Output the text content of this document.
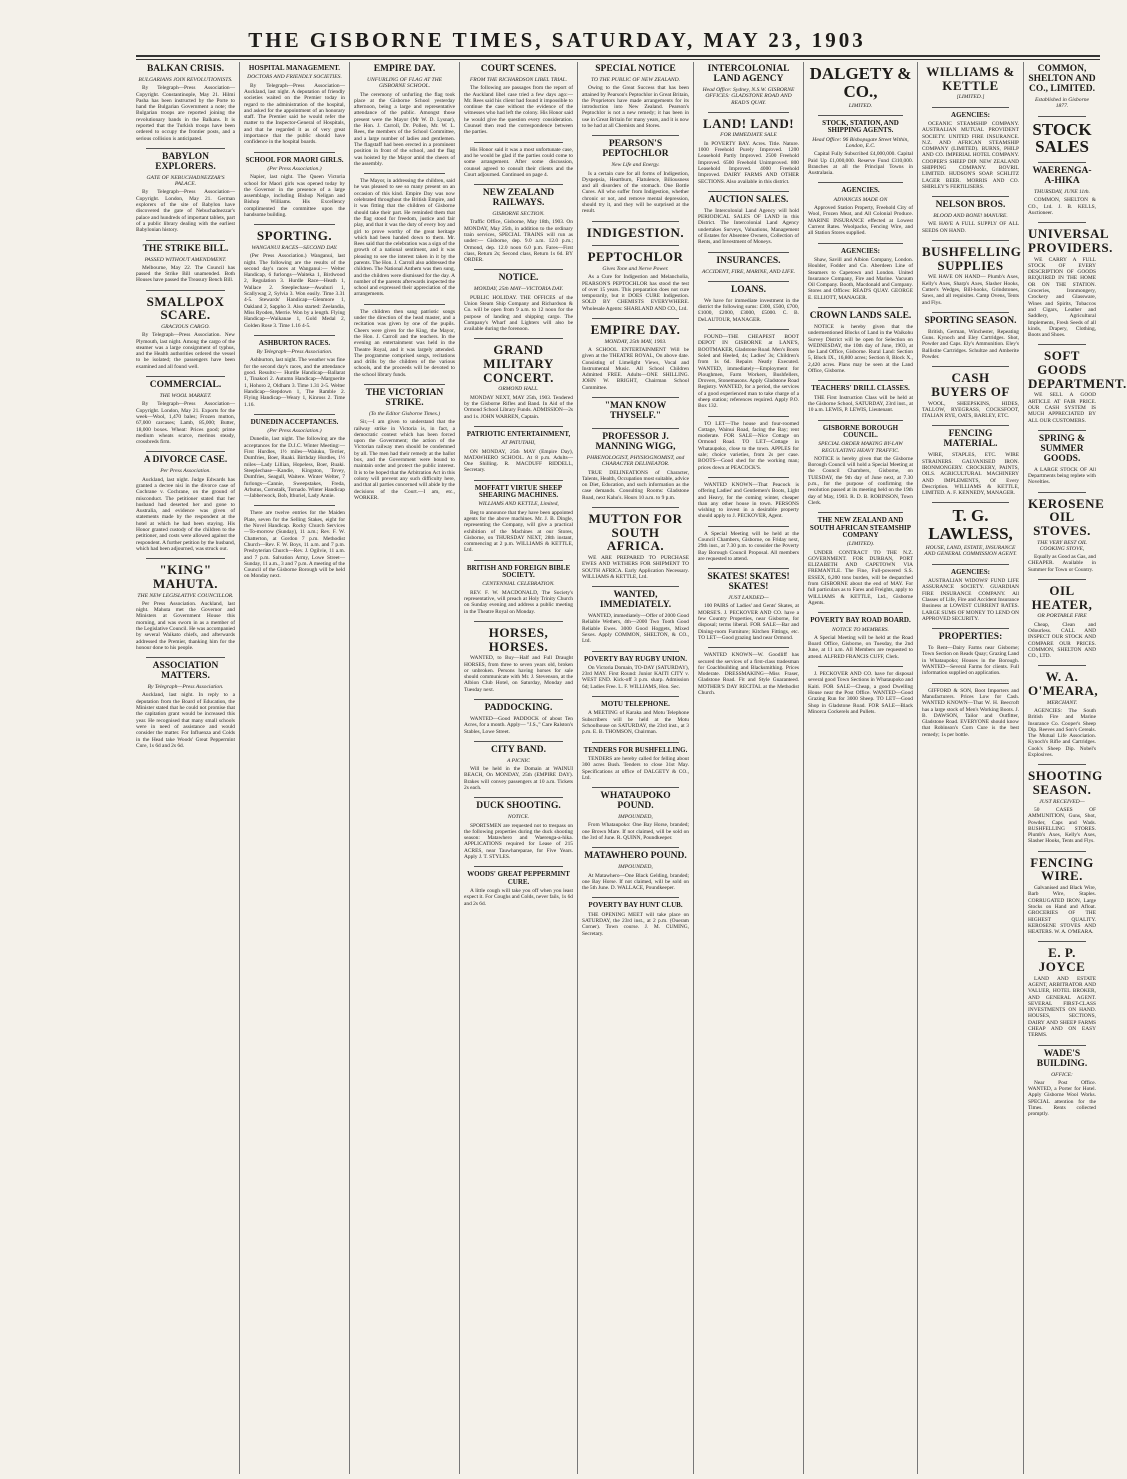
THE GISBORNE TIMES, SATURDAY, MAY 23, 1903
BALKAN CRISIS.
BULGARIANS JOIN REVOLUTIONISTS.
By Telegraph—Press Association—Copyright. Constantinople, May 21. Hilmi Pasha has been instructed by the Porte to hand the Bulgarian Government a note; the Bulgarian troops are reported joining the revolutionary bands in the Balkans. It is reported that the Turkish troops have been ordered to occupy the frontier posts, and a serious collision is anticipated.
BABYLON EXPLORERS.
GATE OF NEBUCHADNEZZAR'S PALACE.
By Telegraph—Press Association—Copyright. London, May 21. German explorers of the site of Babylon have discovered the gate of Nebuchadnezzar's palace and hundreds of important tablets, part of a public library dealing with the earliest Babylonian history.
THE STRIKE BILL.
PASSED WITHOUT AMENDMENT.
Melbourne, May 22. The Council has passed the Strike Bill unamended. Both Houses have passed the Treasury Bench Bill.
SMALLPOX SCARE.
GRACIOUS CARGO.
By Telegraph—Press Association. New Plymouth, last night. Among the cargo of the steamer was a large consignment of typhus, and the Health authorities ordered the vessel to be isolated; the passengers have been examined and all found well.
COMMERCIAL.
THE WOOL MARKET.
By Telegraph—Press Association—Copyright. London, May 21. Exports for the week—Wool, 1,470 bales; Frozen mutton, 67,000 carcases; Lamb, 85,000; Butter, 18,000 boxes. Wheat: Prices good; prime medium wheats scarce, merinos steady, crossbreds firm.
A DIVORCE CASE.
Per Press Association.
Auckland, last night. Judge Edwards has granted a decree nisi in the divorce case of Cochrane v. Cochrane, on the ground of misconduct. The petitioner stated that her husband had deserted her and gone to Australia, and evidence was given of statements made by the respondent at the hotel at which he had been staying. His Honor granted custody of the children to the petitioner, and costs were allowed against the respondent. A further petition by the husband, which had been adjourned, was struck out.
"KING" MAHUTA.
THE NEW LEGISLATIVE COUNCILLOR.
Per Press Association. Auckland, last night. Mahuta met the Governor and Ministers at Government House this morning, and was sworn in as a member of the Legislative Council. He was accompanied by several Waikato chiefs, and afterwards addressed the Premier, thanking him for the honour done to his people.
ASSOCIATION MATTERS.
By Telegraph—Press Association.
Auckland, last night. In reply to a deputation from the Board of Education, the Minister stated that he could not promise that the capitation grant would be increased this year. He recognised that many small schools were in need of assistance and would consider the matter. For Influenza and Colds in the Head take Woods' Great Peppermint Cure, 1s 6d and 2s 6d.
HOSPITAL MANAGEMENT.
DOCTORS AND FRIENDLY SOCIETIES.
By Telegraph—Press Association—Auckland, last night. A deputation of friendly societies waited on the Premier today in regard to the administration of the hospital, and asked for the appointment of an honorary staff. The Premier said he would refer the matter to the Inspector-General of Hospitals, and that he regarded it as of very great importance that the public should have confidence in the hospital boards.
SCHOOL FOR MAORI GIRLS.
(Per Press Association.)
Napier, last night. The Queen Victoria school for Maori girls was opened today by the Governor in the presence of a large assemblage, including Bishop Neligan and Bishop Williams. His Excellency complimented the committee upon the handsome building.
SPORTING.
WANGANUI RACES—SECOND DAY.
(Per Press Association.) Wanganui, last night. The following are the results of the second day's races at Wanganui:— Welter Handicap, 6 furlongs—Waiteka 1, Birdwood 2, Regulation 3. Hurdle Race—Heath 1, Wallace 2. Steeplechase—Awahuri 1, Scallywag 2, Sylvia 3. Won easily. Time 3.31 4-5. Stewards' Handicap—Glenmore 1, Oakland 2, Sappho 3. Also started: Zeelandia, Miss Ryoden, Merrie. Won by a length. Flying Handicap—Waikanae 1, Gold Medal 2, Golden Rose 3. Time 1.16 4-5.
ASHBURTON RACES.
By Telegraph—Press Association.
Ashburton, last night. The weather was fine for the second day's races, and the attendance good. Results:— Hurdle Handicap—Ballarat 1, Tinakori 2. Autumn Handicap—Marguerite 1, Hohoro 2, Oldham 3. Time 1.31 2-5. Welter Handicap—Stepdown 1, The Ramble 2. Flying Handicap—Weary 1, Kinross 2. Time 1.16.
DUNEDIN ACCEPTANCES.
(Per Press Association.)
Dunedin, last night. The following are the acceptances for the D.J.C. Winter Meeting:— First Hurdles, 1½ miles—Waiuku, Terrier, Dumfries, Boer, Ruaki. Birthday Hurdles, 1½ miles—Lady Lillian, Hopeless, Boer, Ruaki. Steeplechase—Kandie, Kingston, Tovey, Dumfries, Seagull, Waitere. Winter Welter, 7 furlongs—Cannie, Sweepstakes, Freda, Arbutus, Cornstalk, Tornado. Winter Handicap—Jabberwock, Bob, Ithuriel, Lady Annie.
There are twelve entries for the Maiden Plate, seven for the Selling Stakes, eight for the Novel Handicap. Rocky Church Services—To-morrow (Sunday), 11 a.m.; Rev. F. W. Chatterton, at Gordon 7 p.m. Methodist Church—Rev. F. W. Boys, 11 a.m. and 7 p.m. Presbyterian Church—Rev. J. Ogilvie, 11 a.m. and 7 p.m. Salvation Army, Lowe Street—Sunday, 11 a.m., 3 and 7 p.m. A meeting of the Council of the Gisborne Borough will be held on Monday next.
EMPIRE DAY.
UNFURLING OF FLAG AT THE GISBORNE SCHOOL.
The ceremony of unfurling the flag took place at the Gisborne School yesterday afternoon, being a large and representative attendance of the public. Amongst those present were the Mayor (Mr W. D. Lysnar), the Hon. J. Carroll, Dr. Pollen, Mr. W. L. Rees, the members of the School Committee, and a large number of ladies and gentlemen. The flagstaff had been erected in a prominent position in front of the school, and the flag was hoisted by the Mayor amid the cheers of the assembly.
The Mayor, in addressing the children, said he was pleased to see so many present on an occasion of this kind. Empire Day was now celebrated throughout the British Empire, and it was fitting that the children of Gisborne should take their part. He reminded them that the flag stood for freedom, justice and fair play, and that it was the duty of every boy and girl to prove worthy of the great heritage which had been handed down to them. Mr. Rees said that the celebration was a sign of the growth of a national sentiment, and it was pleasing to see the interest taken in it by the parents. The Hon. J. Carroll also addressed the children. The National Anthem was then sung, and the children were dismissed for the day. A number of the parents afterwards inspected the school and expressed their appreciation of the arrangements.
The children then sang patriotic songs under the direction of the head master, and a recitation was given by one of the pupils. Cheers were given for the King, the Mayor, the Hon. J. Carroll and the teachers. In the evening an entertainment was held in the Theatre Royal, and it was largely attended. The programme comprised songs, recitations and drills by the children of the various schools, and the proceeds will be devoted to the school library funds.
THE VICTORIAN STRIKE.
(To the Editor Gisborne Times.)
Sir,—I am given to understand that the railway strike in Victoria is, in fact, a democratic contest which has been forced upon the Government; the action of the Victorian railway men should be condemned by all. The men had their remedy at the ballot box, and the Government were bound to maintain order and protect the public interest. It is to be hoped that the Arbitration Act in this colony will prevent any such difficulty here, and that all parties concerned will abide by the decisions of the Court.—I am, etc., WORKER.
COURT SCENES.
FROM THE RICHARDSON LIBEL TRIAL.
The following are passages from the report of the Auckland libel case tried a few days ago:— Mr. Rees said his client had found it impossible to continue the case without the evidence of the witnesses who had left the colony. His Honor said he would give the question every consideration. Counsel then read the correspondence between the parties.
His Honor said it was a most unfortunate case, and he would be glad if the parties could come to some arrangement. After some discussion, counsel agreed to consult their clients and the Court adjourned. Continued on page 4.
NEW ZEALAND RAILWAYS.
GISBORNE SECTION.
Traffic Office, Gisborne, May 18th, 1903. On MONDAY, May 25th, in addition to the ordinary train services, SPECIAL TRAINS will run as under:— Gisborne, dep. 9.0 a.m. 12.0 p.m.; Ormond, dep. 12.0 noon 6.0 p.m. Fares—First class, Return 2s; Second class, Return 1s 6d. BY ORDER.
NOTICE.
MONDAY, 25th MAY—VICTORIA DAY.
PUBLIC HOLIDAY. THE OFFICES of the Union Steam Ship Company and Richardson & Co. will be open from 9 a.m. to 12 noon for the purpose of landing and shipping cargo. The Company's Wharf and Lighters will also be available during the forenoon.
GRAND MILITARY CONCERT.
ORMOND HALL.
MONDAY NEXT, MAY 25th, 1903. Tendered by the Gisborne Rifles and Band. In Aid of the Ormond School Library Funds. ADMISSION—2s and 1s. JOHN WARREN, Captain.
PATRIOTIC ENTERTAINMENT,
AT PATUTAHI,
ON MONDAY, 25th MAY (Empire Day), MATAWHERO SCHOOL. At 8 p.m. Adults—One Shilling. R. MACDUFF RIDDELL, Secretary.
MOFFATT VIRTUE SHEEP SHEARING MACHINES.
WILLIAMS AND KETTLE, Limited,
Beg to announce that they have been appointed agents for the above machines. Mr. J. B. Dingle, representing the Company, will give a practical exhibition of the Machines at our Stores, Gisborne, on THURSDAY NEXT, 28th instant, commencing at 2 p.m. WILLIAMS & KETTLE, Ltd.
BRITISH AND FOREIGN BIBLE SOCIETY.
CENTENNIAL CELEBRATION.
REV. F. W. MACDONALD, The Society's representative, will preach at Holy Trinity Church on Sunday evening and address a public meeting in the Theatre Royal on Monday.
HORSES, HORSES.
WANTED, to Buy—Half and Full Draught HORSES, from three to seven years old, broken or unbroken. Persons having horses for sale should communicate with Mr. J. Stevenson, at the Albion Club Hotel, on Saturday, Monday and Tuesday next.
PADDOCKING.
WANTED—Good PADDOCK of about Ten Acres, for a month. Apply— "J.S.," Care Ralston's Stables, Lowe Street.
CITY BAND.
A PICNIC
Will be held in the Domain at WAINUI BEACH, On MONDAY, 25th (EMPIRE DAY). Brakes will convey passengers at 10 a.m. Tickets 2s each.
DUCK SHOOTING.
NOTICE.
SPORTSMEN are requested not to trespass on the following properties during the duck shooting season: Matawhero and Waerenga-a-hika. APPLICATIONS required for Lease of 215 ACRES, near Tauwhareparae, for Five Years. Apply J. T. STYLES.
WOODS' GREAT PEPPERMINT CURE.
A little cough will take you off when you least expect it. For Coughs and Colds, never fails, 1s 6d and 2s 6d.
SPECIAL NOTICE
TO THE PUBLIC OF NEW ZEALAND.
Owing to the Great Success that has been attained by Pearson's Peptochlor in Great Britain, the Proprietors have made arrangements for its introduction into New Zealand. Pearson's Peptochlor is not a new remedy; it has been in use in Great Britain for many years, and it is now to be had at all Chemists and Stores.
PEARSON'S PEPTOCHLOR
New Life and Energy.
Is a certain cure for all forms of Indigestion, Dyspepsia, Heartburn, Flatulence, Biliousness and all disorders of the stomach. One Bottle Cures. All who suffer from Indigestion, whether chronic or not, and remove mental depression, should try it, and they will be surprised at the result.
INDIGESTION.
PEPTOCHLOR
Gives Tone and Nerve Power.
As a Cure for Indigestion and Melancholia, PEARSON'S PEPTOCHLOR has stood the test of over 15 years. This preparation does not cure temporarily, but it DOES CURE Indigestion. SOLD BY CHEMISTS EVERYWHERE. Wholesale Agents: SHARLAND AND CO., Ltd.
EMPIRE DAY.
MONDAY, 25th MAY, 1903.
A SCHOOL ENTERTAINMENT Will be given at the THEATRE ROYAL, On above date. Consisting of Limelight Views, Vocal and Instrumental Music. All School Children Admitted FREE. Adults—ONE SHILLING. JOHN W. BRIGHT, Chairman School Committee.
"MAN KNOW THYSELF."
PROFESSOR J. MANNING WIGG,
PHRENOLOGIST, PHYSIOGNOMIST, and CHARACTER DELINEATOR.
TRUE DELINEATIONS of Character, Talents, Health, Occupation most suitable, advice on Diet, Education, and such information as the case demands. Consulting Rooms: Gladstone Road, next Kahu's. Hours 10 a.m. to 9 p.m.
MUTTON FOR SOUTH AFRICA.
WE ARE PREPARED TO PURCHASE EWES AND WETHERS FOR SHIPMENT TO SOUTH AFRICA. Early Application Necessary. WILLIAMS & KETTLE, Ltd.
WANTED, IMMEDIATELY.
WANTED, immediately—Offer of 2000 Good Reliable Wethers, 4th—2000 Two Tooth Good Reliable Ewes. 3000 Good Hoggets, Mixed Sexes. Apply COMMON, SHELTON, & CO., Ltd.
POVERTY BAY RUGBY UNION.
On Victoria Domain, TO-DAY (SATURDAY), 23rd MAY. First Round: Junior KAITI CITY v. WEST END. Kick-off 3 p.m. sharp. Admission 6d; Ladies Free. L. F. WILLIAMS, Hon. Sec.
MOTU TELEPHONE.
A MEETING of Karaka and Motu Telephone Subscribers will be held at the Motu Schoolhouse on SATURDAY, the 23rd inst., at 3 p.m. E. B. THOMSON, Chairman.
TENDERS FOR BUSHFELLING.
TENDERS are hereby called for felling about 300 acres Bush. Tenders to close 31st May. Specifications at office of DALGETY & CO., Ltd.
WHATAUPOKO POUND.
IMPOUNDED,
From Whataupoko: One Bay Horse, branded; one Brown Mare. If not claimed, will be sold on the 3rd of June. R. QUINN, Poundkeeper.
MATAWHERO POUND.
IMPOUNDED,
At Matawhero—One Black Gelding, branded; one Bay Horse. If not claimed, will be sold on the 5th June. D. WALLACE, Poundkeeper.
POVERTY BAY HUNT CLUB.
THE OPENING MEET will take place on SATURDAY, the 23rd inst., at 2 p.m. (Oueram Corner). Town course. J. M. CUMING, Secretary.
INTERCOLONIAL LAND AGENCY
Head Office: Sydney, N.S.W. GISBORNE OFFICES: GLADSTONE ROAD AND READ'S QUAY.
LAND! LAND!
FOR IMMEDIATE SALE
In POVERTY BAY. Acres. Title. Nature. 1000 Freehold Purely Improved. 1200 Leasehold Partly Improved. 2500 Freehold Improved. 6500 Freehold Unimproved. 800 Leasehold Improved. 4000 Freehold Improved. DAIRY FARMS AND OTHER SECTIONS. Also available in this district.
AUCTION SALES.
The Intercolonial Land Agency will hold PERIODICAL SALES OF LAND in this District. The Intercolonial Land Agency undertakes Surveys, Valuations, Management of Estates for Absentee Owners, Collection of Rents, and Investment of Moneys.
INSURANCES.
ACCIDENT, FIRE, MARINE, AND LIFE.
LOANS.
We have for immediate investment in the district the following sums: £300, £500, £700, £1000, £2000, £3000, £5000. C. B. DeLAUTOUR, MANAGER.
FOUND—THE CHEAPEST BOOT DEPOT IN GISBORNE at LANE'S, BOOTMAKER, Gladstone Road. Men's Boots Soled and Heeled, 4s; Ladies' 3s; Children's from 1s 6d. Repairs Neatly Executed. WANTED, immediately—Employment for Ploughmen, Farm Workers, Bushfellers, Drovers, Stonemasons. Apply Gladstone Road Registry. WANTED, for a period, the services of a good experienced man to take charge of a sheep station; references required. Apply P.O. Box 132.
TO LET—The house and four-roomed Cottage, Wainui Road, facing the Bay; rent moderate. FOR SALE—Nice Cottage on Ormond Road. TO LET—Cottage in Whataupoko, close to the town. APPLES for sale; choice varieties, from 2s per case. BOOTS—Good shed for the working man; prices down at PEACOCK'S.
WANTED KNOWN—That Peacock is offering Ladies' and Gentlemen's Boots, Light and Heavy, for the coming winter, cheaper than any other house in town. PERSONS wishing to invest in a desirable property should apply to J. PECKOVER, Agent.
A Special Meeting will be held at the Council Chambers, Gisborne, on Friday next, 29th inst., at 7.30 p.m. to consider the Poverty Bay Borough Council Proposal. All members are requested to attend.
SKATES! SKATES! SKATES!
JUST LANDED—
100 PAIRS of Ladies' and Gents' Skates, at MORSE'S. J. PECKOVER AND CO. have a few Country Properties, near Gisborne, for disposal; terms liberal. FOR SALE—Bar and Dining-room Furniture; Kitchen Fittings, etc. TO LET—Good grazing land near Ormond.
WANTED KNOWN—W. Goodliff has secured the services of a first-class tradesman for Coachbuilding and Blacksmithing. Prices Moderate. DRESSMAKING—Miss Fraser, Gladstone Road. Fit and Style Guaranteed. MOTHER'S DAY RECITAL at the Methodist Church.
DALGETY & CO.,
LIMITED.
STOCK, STATION, AND SHIPPING AGENTS.
Head Office: 96 Bishopsgate Street Within, London, E.C.
Capital Fully Subscribed £4,000,000. Capital Paid Up £1,000,000. Reserve Fund £310,000. Branches at all the Principal Towns in Australasia.
AGENCIES.
ADVANCES MADE ON
Approved Station Property, Freehold City of Wool, Frozen Meat, and All Colonial Produce. MARINE INSURANCE effected at Lowest Current Rates. Woolpacks, Fencing Wire, and all Station Stores supplied.
AGENCIES:
Shaw, Savill and Albion Company, London. Houlder, Fodder and Co. Aberdeen Line of Steamers to Capetown and London. United Insurance Company, Fire and Marine. Vacuum Oil Company. Booth, Macdonald and Company. Stores and Offices: READ'S QUAY. GEORGE E. ELLIOTT, MANAGER.
CROWN LANDS SALE.
NOTICE is hereby given that the undermentioned Blocks of Land in the Waikohu Survey District will be open for Selection on WEDNESDAY, the 10th day of June, 1903, at the Land Office, Gisborne. Rural Land: Section 5, Block IX., 16,800 acres; Section 8, Block X., 2,420 acres. Plans may be seen at the Land Office, Gisborne.
TEACHERS' DRILL CLASSES.
THE First Instruction Class will be held at the Gisborne School, SATURDAY, 23rd inst., at 10 a.m. LEWIS, P. LEWIS, Lieutenant.
GISBORNE BOROUGH COUNCIL.
SPECIAL ORDER MAKING BY-LAW REGULATING HEAVY TRAFFIC.
NOTICE is hereby given that the Gisborne Borough Council will hold a Special Meeting at the Council Chambers, Gisborne, on TUESDAY, the 9th day of June next, at 7.30 p.m., for the purpose of confirming the resolution passed at its meeting held on the 19th day of May, 1903. R. D. B. ROBINSON, Town Clerk.
THE NEW ZEALAND AND SOUTH AFRICAN STEAMSHIP COMPANY
(LIMITED).
UNDER CONTRACT TO THE N.Z. GOVERNMENT. FOR DURBAN, PORT ELIZABETH AND CAPETOWN VIA FREMANTLE. The Fine, Full-powered S.S. ESSEX, 6,200 tons burden, will be despatched from GISBORNE about the end of MAY. For full particulars as to Fares and Freights, apply to WILLIAMS & KETTLE, Ltd., Gisborne Agents.
POVERTY BAY ROAD BOARD.
NOTICE TO MEMBERS.
A Special Meeting will be held at the Road Board Office, Gisborne, on Tuesday, the 2nd June, at 11 a.m. All Members are requested to attend. ALFRED FRANCIS CUFF, Clerk.
J. PECKOVER AND CO. have for disposal several good Town Sections in Whataupoko and Kaiti. FOR SALE—Cheap, a good Dwelling House near the Post Office. WANTED—Good Grazing Run for 3000 Sheep. TO LET—Good Shop in Gladstone Road. FOR SALE—Black Minorca Cockerels and Pullets.
WILLIAMS & KETTLE
[LIMITED.]
AGENCIES:
OCEANIC STEAMSHIP COMPANY. AUSTRALIAN MUTUAL PROVIDENT SOCIETY. UNITED FIRE INSURANCE. N.Z. AND AFRICAN STEAMSHIP COMPANY (LIMITED). BURNS, PHILP AND CO. IMPERIAL HOTEL COMPANY. COOPER'S SHEEP DIP. NEW ZEALAND SHIPPING COMPANY. BOVRIL LIMITED. HUDSON'S SOAP. SCHLITZ LAGER BEER. MORRIS AND CO. SHIRLEY'S FERTILISERS.
NELSON BROS.
BLOOD AND BONE! MANURE.
WE HAVE A FULL SUPPLY OF ALL SEEDS ON HAND.
BUSHFELLING SUPPLIES
WE HAVE ON HAND— Plumb's Axes, Kelly's Axes, Sharp's Axes, Slasher Hooks, Cutter's Wedges, Bill-hooks, Grindstones, Saws, and all requisites. Camp Ovens, Tents and Flys.
SPORTING SEASON.
British, German, Winchester, Repeating Guns. Kynoch and Eley Cartridges. Shot, Powder and Caps. Ely's Ammunition. Eley's Ballistite Cartridges. Schultze and Amberite Powder.
CASH BUYERS OF
WOOL, SHEEPSKINS, HIDES, TALLOW, RYEGRASS, COCKSFOOT, ITALIAN RYE, OATS, BARLEY, ETC.
FENCING MATERIAL.
WIRE, STAPLES, ETC. WIRE STRAINERS. GALVANISED IRON. IRONMONGERY. CROCKERY, PAINTS, OILS. AGRICULTURAL MACHINERY AND IMPLEMENTS, Of Every Description. WILLIAMS & KETTLE, LIMITED. A. F. KENNEDY, MANAGER.
T. G. LAWLESS,
HOUSE, LAND, ESTATE, INSURANCE AND GENERAL COMMISSION AGENT.
AGENCIES:
AUSTRALIAN WIDOWS' FUND LIFE ASSURANCE SOCIETY. GUARDIAN FIRE INSURANCE COMPANY. All Classes of Life, Fire and Accident Insurance Business at LOWEST CURRENT RATES. LARGE SUMS OF MONEY TO LEND ON APPROVED SECURITY.
PROPERTIES:
To Rent—Dairy Farms near Gisborne; Town Section on Reads Quay; Grazing Land in Whataupoko; Houses in the Borough. WANTED—Several Farms for clients. Full information supplied on application.
GIFFORD & SON, Boot Importers and Manufacturers. Prices Low for Cash. WANTED KNOWN—That W. H. Beecroft has a large stock of Men's Working Boots. J. B. DAWSON, Tailor and Outfitter, Gladstone Road. EVERYONE should know that Robinson's Corn Cure is the best remedy; 1s per bottle.
COMMON, SHELTON AND CO., LIMITED.
Established in Gisborne 1877.
STOCK SALES
WAERENGA-A-HIKA
THURSDAY, JUNE 11th.
COMMON, SHELTON & CO., Ltd. J. B. KELLS, Auctioneer.
UNIVERSAL PROVIDERS.
WE CARRY A FULL STOCK OF EVERY DESCRIPTION OF GOODS REQUIRED IN THE HOME OR ON THE STATION. Groceries, Ironmongery, Crockery and Glassware, Wines and Spirits, Tobaccos and Cigars, Leather and Saddlery, Agricultural Implements, Fresh Seeds of all kinds, Drapery, Clothing, Boots and Shoes.
SOFT GOODS DEPARTMENT.
WE SELL A GOOD ARTICLE AT FAIR PRICE. OUR CASH SYSTEM IS MUCH APPRECIATED BY ALL OUR CUSTOMERS.
SPRING & SUMMER GOODS.
A LARGE STOCK OF All Departments being replete with Novelties.
KEROSENE OIL STOVES.
THE VERY BEST OIL COOKING STOVE,
Equally as Good as Gas, and CHEAPER. Available in Summer for Town or Country.
OIL HEATER,
OR PORTABLE FIRE
Cheap, Clean and Odourless. CALL AND INSPECT OUR STOCK AND COMPARE OUR PRICES. COMMON, SHELTON AND CO., LTD.
W. A. O'MEARA,
MERCHANT.
AGENCIES: The South British Fire and Marine Insurance Co. Cooper's Sheep Dip. Reeves and Son's Cereals. The Mutual Life Association. Kynoch's Rifle and Cartridges. Cook's Sheep Dip. Nobel's Explosives.
SHOOTING SEASON.
JUST RECEIVED—
50 CASES OF AMMUNITION, Guns, Shot, Powder, Caps and Wads. BUSHFELLING STORES. Plumb's Axes, Kelly's Axes, Slasher Hooks, Tents and Flys.
FENCING WIRE.
Galvanised and Black Wire, Barb Wire, Staples. CORRUGATED IRON, Large Stocks on Hand and Afloat. GROCERIES OF THE HIGHEST QUALITY. KEROSENE STOVES AND HEATERS. W. A. O'MEARA.
E. P. JOYCE
LAND AND ESTATE AGENT, ARBITRATOR AND VALUER, HOTEL BROKER, AND GENERAL AGENT. SEVERAL FIRST-CLASS INVESTMENTS ON HAND. HOUSES, SECTIONS, DAIRY AND SHEEP FARMS CHEAP AND ON EASY TERMS.
WADE'S BUILDING.
OFFICE:
Near Post Office. WANTED, a Porter for Hotel. Apply Gisborne Wool Works. SPECIAL attention for the Times. Rents collected promptly.
